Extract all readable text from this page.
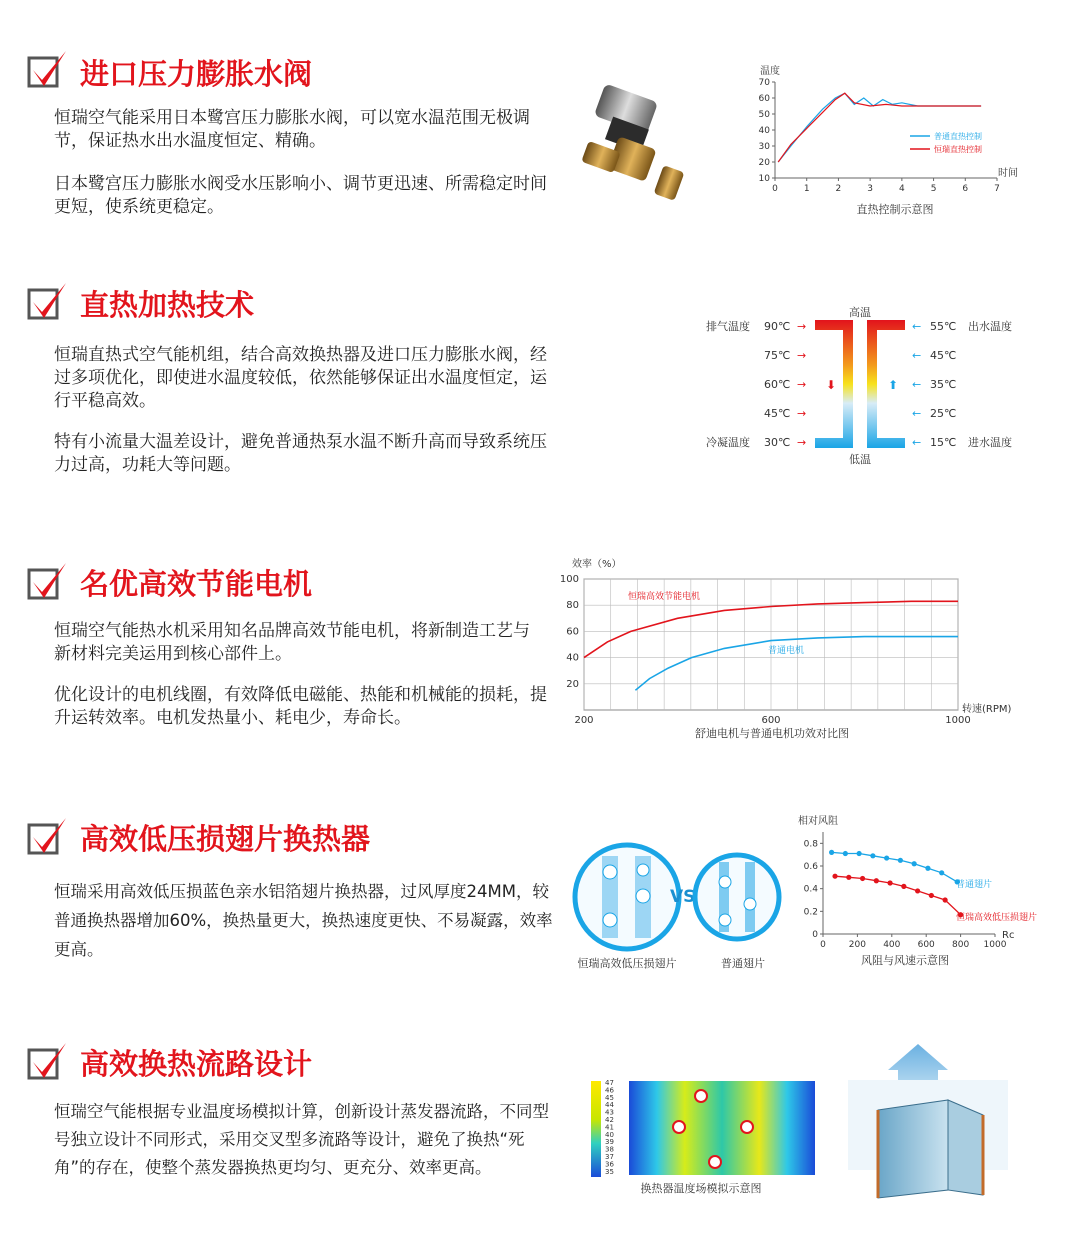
进口压力膨胀水阀
恒瑞空气能采用日本鹭宫压力膨胀水阀，可以宽水温范围无极调节，保证热水出水温度恒定、精确。
日本鹭宫压力膨胀水阀受水压影响小、调节更迅速、所需稳定时间更短，使系统更稳定。
温度
时间
直热控制示意图
10
20
30
40
50
60
70
0	1	2	3	4	5	6	7
普通直热控制
恒瑞直热控制
直热加热技术
恒瑞直热式空气能机组，结合高效换热器及进口压力膨胀水阀，经过多项优化，即使进水温度较低，依然能够保证出水温度恒定，运行平稳高效。
特有小流量大温差设计，避免普通热泵水温不断升高而导致系统压力过高，功耗大等问题。
高温
低温
排气温度
冷凝温度
出水温度
进水温度
90℃ →
75℃ →
60℃ →
45℃ →
30℃ →
55℃
←
45℃
←
35℃
←
25℃
←
15℃
←
⬇	⬆
名优高效节能电机
恒瑞空气能热水机采用知名品牌高效节能电机，将新制造工艺与新材料完美运用到核心部件上。
优化设计的电机线圈，有效降低电磁能、热能和机械能的损耗，提升运转效率。电机发热量小、耗电少，寿命长。
效率（%）
转速(RPM)
舒迪电机与普通电机功效对比图
20
40
60
80
100
200	600	1000
恒瑞高效节能电机
普通电机
高效低压损翅片换热器
恒瑞采用高效低压损蓝色亲水铝箔翅片换热器，过风厚度24MM，较普通换热器增加60%，换热量更大，换热速度更快、不易凝露，效率更高。
VS
恒瑞高效低压损翅片	普通翅片
相对风阻
Rc
风阻与风速示意图
0
0.2
0.4
0.6
0.8
0	200 400 600 800 1000
普通翅片
恒瑞高效低压损翅片
高效换热流路设计
恒瑞空气能根据专业温度场模拟计算，创新设计蒸发器流路，不同型号独立设计不同形式，采用交叉型多流路等设计，避免了换热“死角”的存在，使整个蒸发器换热更均匀、更充分、效率更高。
47
46
45
44
43
42
41
40
39
38
37
36
35
换热器温度场模拟示意图
